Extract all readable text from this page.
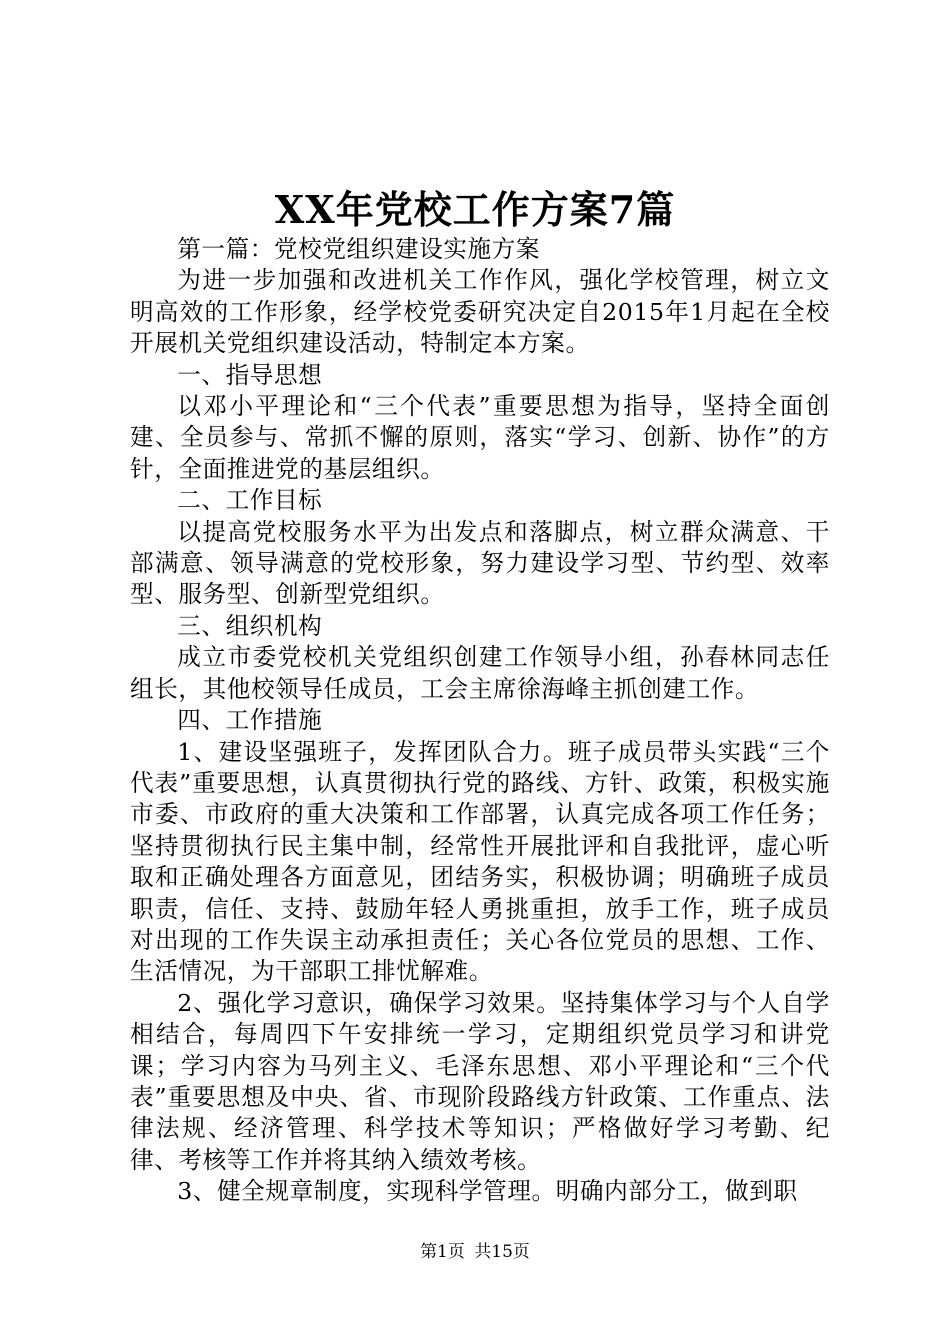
XX年党校工作方案7篇

第一篇：党校党组织建设实施方案

为进一步加强和改进机关工作作风，强化学校管理，树立文明高效的工作形象，经学校党委研究决定自2015年1月起在全校开展机关党组织建设活动，特制定本方案。

一、指导思想

以邓小平理论和“三个代表”重要思想为指导，坚持全面创建、全员参与、常抓不懈的原则，落实“学习、创新、协作”的方针，全面推进党的基层组织。

二、工作目标

以提高党校服务水平为出发点和落脚点，树立群众满意、干部满意、领导满意的党校形象，努力建设学习型、节约型、效率型、服务型、创新型党组织。

三、组织机构

成立市委党校机关党组织创建工作领导小组，孙春林同志任组长，其他校领导任成员，工会主席徐海峰主抓创建工作。

四、工作措施

1、建设坚强班子，发挥团队合力。班子成员带头实践“三个代表”重要思想，认真贯彻执行党的路线、方针、政策，积极实施市委、市政府的重大决策和工作部署，认真完成各项工作任务；坚持贯彻执行民主集中制，经常性开展批评和自我批评，虚心听取和正确处理各方面意见，团结务实，积极协调；明确班子成员职责，信任、支持、鼓励年轻人勇挑重担，放手工作，班子成员对出现的工作失误主动承担责任；关心各位党员的思想、工作、生活情况，为干部职工排忧解难。

2、强化学习意识，确保学习效果。坚持集体学习与个人自学相结合，每周四下午安排统一学习，定期组织党员学习和讲党课；学习内容为马列主义、毛泽东思想、邓小平理论和“三个代表”重要思想及中央、省、市现阶段路线方针政策、工作重点、法律法规、经济管理、科学技术等知识；严格做好学习考勤、纪律、考核等工作并将其纳入绩效考核。

3、健全规章制度，实现科学管理。明确内部分工，做到职

第1页 共15页
